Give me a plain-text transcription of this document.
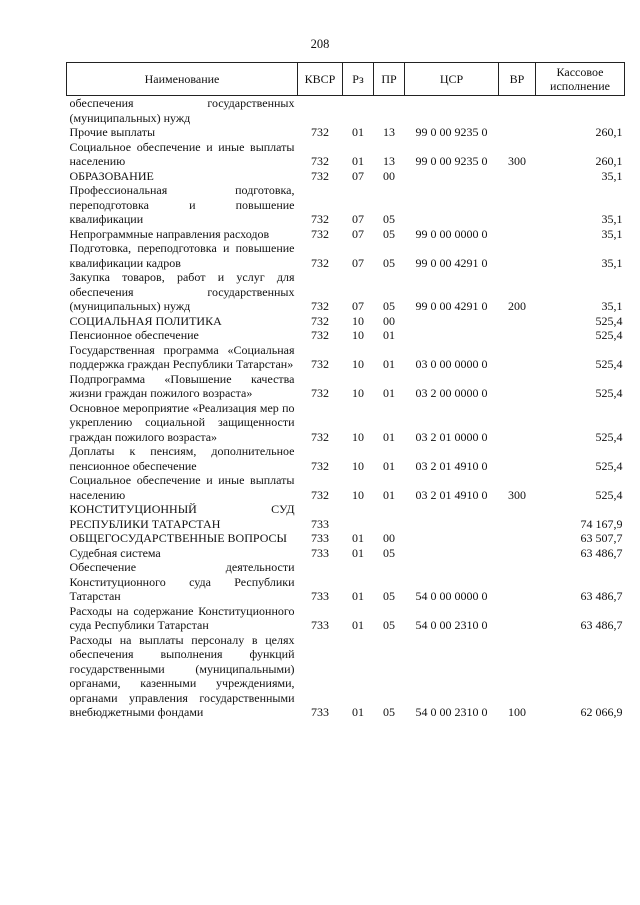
208
Наименование	КВСР	Рз	ПР	ЦСР	ВР	Кассовое исполнение
обеспечения государственных (муниципальных) нужд						
Прочие выплаты	732	01	13	99 0 00 9235 0		260,1
Социальное обеспечение и иные выплаты населению	732	01	13	99 0 00 9235 0	300	260,1
ОБРАЗОВАНИЕ	732	07	00			35,1
Профессиональная подготовка, переподготовка и повышение квалификации	732	07	05			35,1
Непрограммные направления расходов	732	07	05	99 0 00 0000 0		35,1
Подготовка, переподготовка и повышение квалификации кадров	732	07	05	99 0 00 4291 0		35,1
Закупка товаров, работ и услуг для обеспечения государственных (муниципальных) нужд	732	07	05	99 0 00 4291 0	200	35,1
СОЦИАЛЬНАЯ ПОЛИТИКА	732	10	00			525,4
Пенсионное обеспечение	732	10	01			525,4
Государственная программа «Социальная поддержка граждан Республики Татарстан»	732	10	01	03 0 00 0000 0		525,4
Подпрограмма «Повышение качества жизни граждан пожилого возраста»	732	10	01	03 2 00 0000 0		525,4
Основное мероприятие «Реализация мер по укреплению социальной защищенности граждан пожилого возраста»	732	10	01	03 2 01 0000 0		525,4
Доплаты к пенсиям, дополнительное пенсионное обеспечение	732	10	01	03 2 01 4910 0		525,4
Социальное обеспечение и иные выплаты населению	732	10	01	03 2 01 4910 0	300	525,4
КОНСТИТУЦИОННЫЙ СУД РЕСПУБЛИКИ ТАТАРСТАН	733					74 167,9
ОБЩЕГОСУДАРСТВЕННЫЕ ВОПРОСЫ	733	01	00			63 507,7
Судебная система	733	01	05			63 486,7
Обеспечение деятельности Конституционного суда Республики Татарстан	733	01	05	54 0 00 0000 0		63 486,7
Расходы на содержание Конституционного суда Республики Татарстан	733	01	05	54 0 00 2310 0		63 486,7
Расходы на выплаты персоналу в целях обеспечения выполнения функций государственными (муниципальными) органами, казенными учреждениями, органами управления государственными внебюджетными фондами	733	01	05	54 0 00 2310 0	100	62 066,9
